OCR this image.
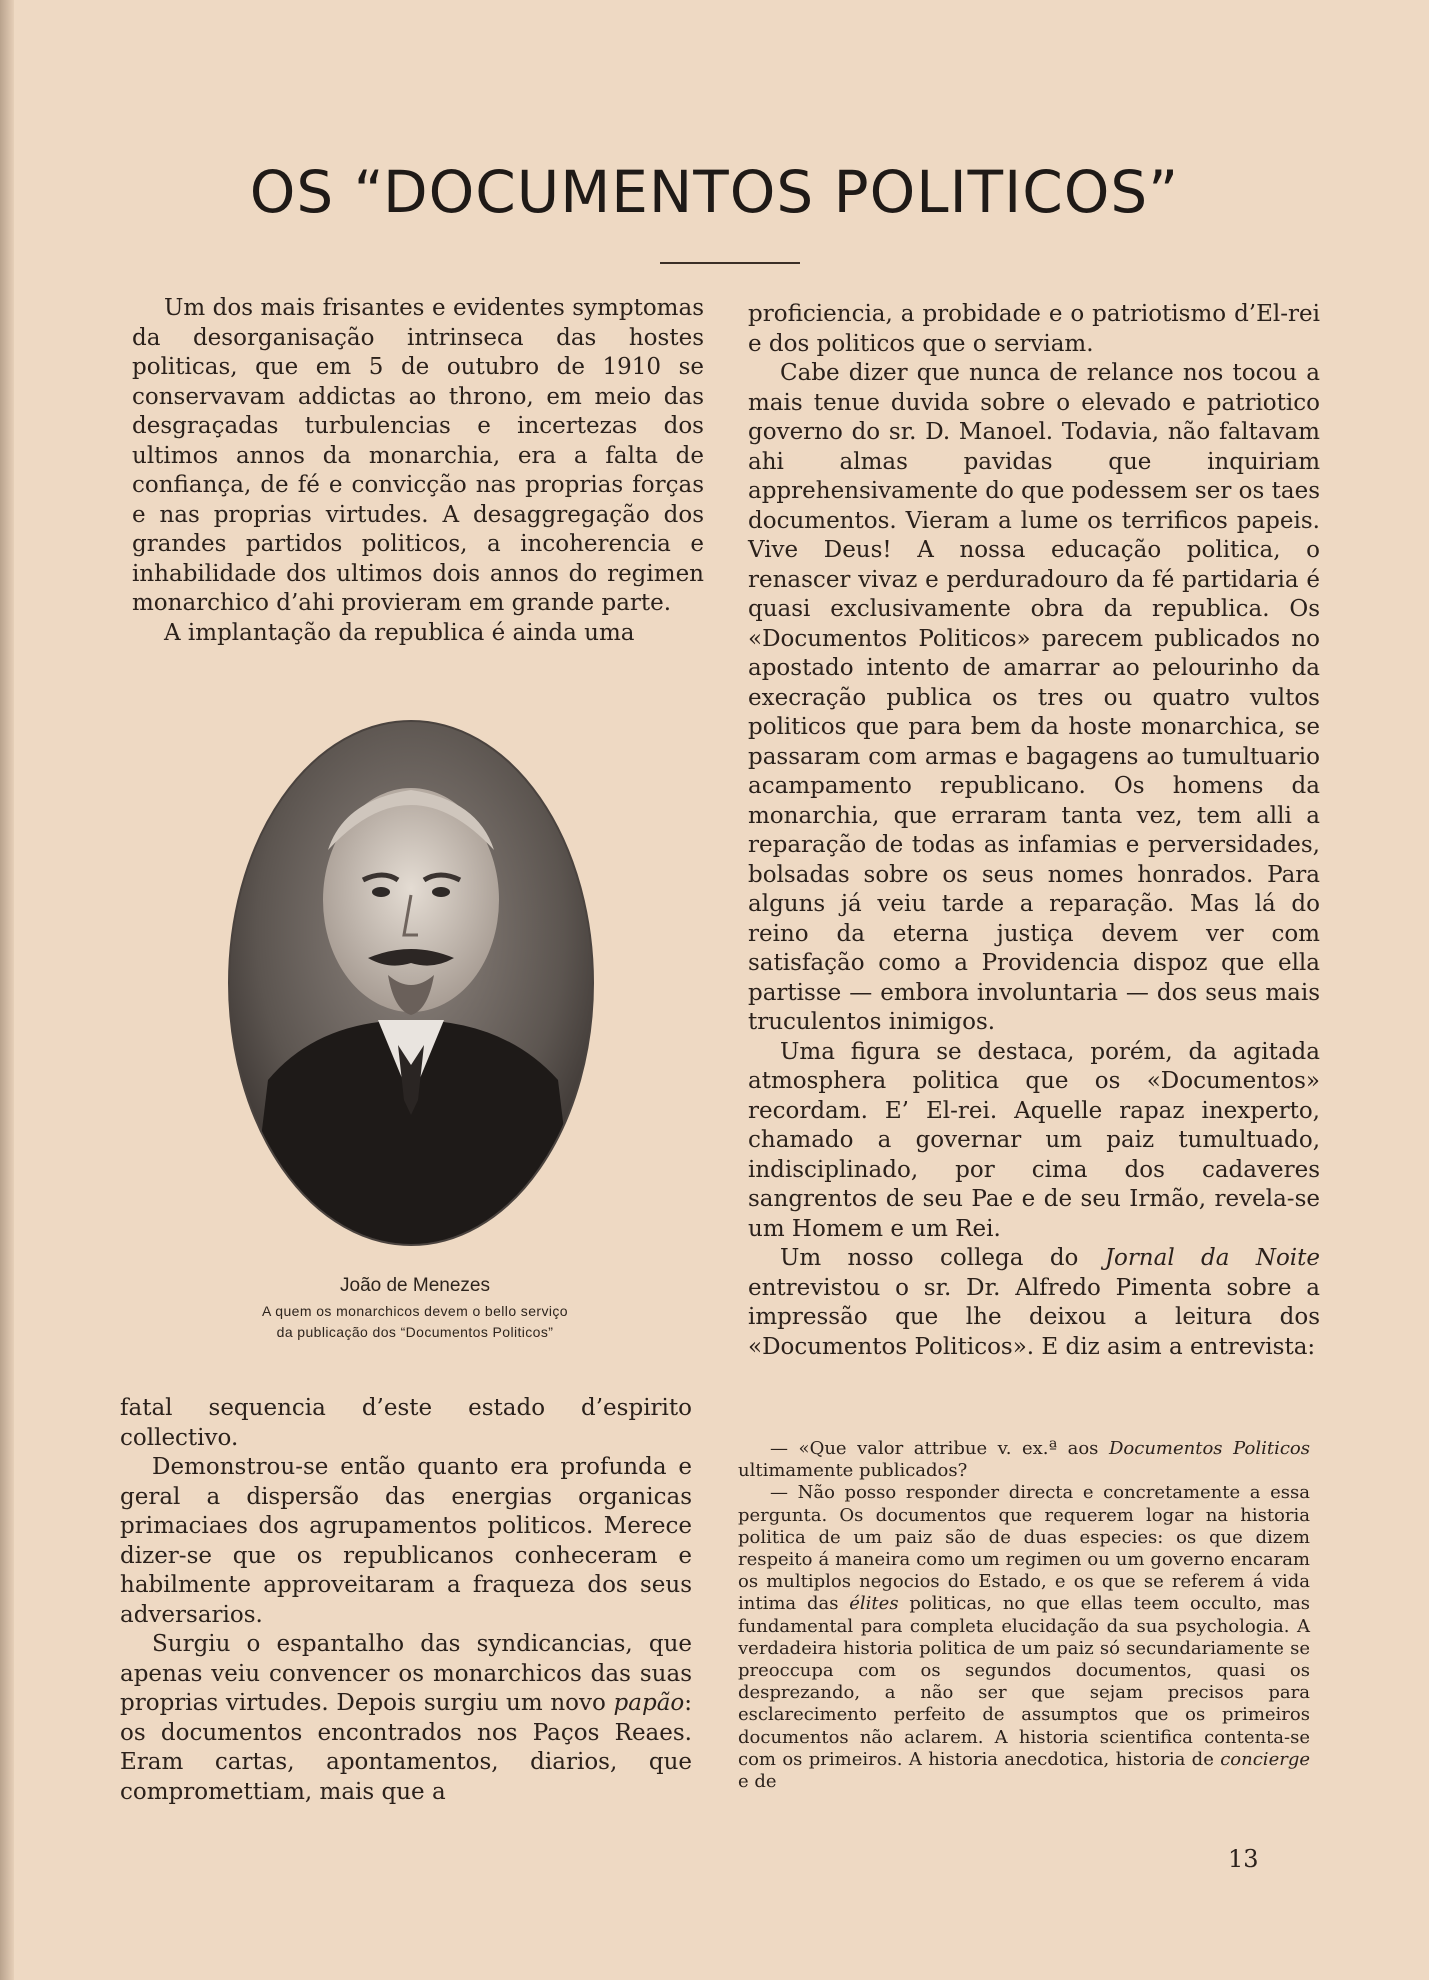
OS “DOCUMENTOS POLITICOS”

Um dos mais frisantes e evidentes symptomas da desorganisação intrinseca das hostes politicas, que em 5 de outubro de 1910 se conservavam addictas ao throno, em meio das desgraçadas turbulencias e incertezas dos ultimos annos da monarchia, era a falta de confiança, de fé e convicção nas proprias forças e nas proprias virtudes. A desaggregação dos grandes partidos politicos, a incoherencia e inhabilidade dos ultimos dois annos do regimen monarchico d’ahi provieram em grande parte.

A implantação da republica é ainda uma

João de Menezes
A quem os monarchicos devem o bello serviço
da publicação dos “Documentos Politicos”

fatal sequencia d’este estado d’espirito collectivo.

Demonstrou-se então quanto era profunda e geral a dispersão das energias organicas primaciaes dos agrupamentos politicos. Merece dizer-se que os republicanos conheceram e habilmente approveitaram a fraqueza dos seus adversarios.

Surgiu o espantalho das syndicancias, que apenas veiu convencer os monarchicos das suas proprias virtudes. Depois surgiu um novo papão: os documentos encontrados nos Paços Reaes. Eram cartas, apontamentos, diarios, que compromettiam, mais que a

proficiencia, a probidade e o patriotismo d’El-rei e dos politicos que o serviam.

Cabe dizer que nunca de relance nos tocou a mais tenue duvida sobre o elevado e patriotico governo do sr. D. Manoel. Todavia, não faltavam ahi almas pavidas que inquiriam apprehensivamente do que podessem ser os taes documentos. Vieram a lume os terrificos papeis. Vive Deus! A nossa educação politica, o renascer vivaz e perduradouro da fé partidaria é quasi exclusivamente obra da republica. Os «Documentos Politicos» parecem publicados no apostado intento de amarrar ao pelourinho da execração publica os tres ou quatro vultos politicos que para bem da hoste monarchica, se passaram com armas e bagagens ao tumultuario acampamento republicano. Os homens da monarchia, que erraram tanta vez, tem alli a reparação de todas as infamias e perversidades, bolsadas sobre os seus nomes honrados. Para alguns já veiu tarde a reparação. Mas lá do reino da eterna justiça devem ver com satisfação como a Providencia dispoz que ella partisse — embora involuntaria — dos seus mais truculentos inimigos.

Uma figura se destaca, porém, da agitada atmosphera politica que os «Documentos» recordam. E’ El-rei. Aquelle rapaz inexperto, chamado a governar um paiz tumultuado, indisciplinado, por cima dos cadaveres sangrentos de seu Pae e de seu Irmão, revela-se um Homem e um Rei.

Um nosso collega do Jornal da Noite entrevistou o sr. Dr. Alfredo Pimenta sobre a impressão que lhe deixou a leitura dos «Documentos Politicos». E diz asim a entrevista:

— «Que valor attribue v. ex.ª aos Documentos Politicos ultimamente publicados?

— Não posso responder directa e concretamente a essa pergunta. Os documentos que requerem logar na historia politica de um paiz são de duas especies: os que dizem respeito á maneira como um regimen ou um governo encaram os multiplos negocios do Estado, e os que se referem á vida intima das élites politicas, no que ellas teem occulto, mas fundamental para completa elucidação da sua psychologia. A verdadeira historia politica de um paiz só secundariamente se preoccupa com os segundos documentos, quasi os desprezando, a não ser que sejam precisos para esclarecimento perfeito de assumptos que os primeiros documentos não aclarem. A historia scientifica contenta-se com os primeiros. A historia anecdotica, historia de concierge e de

13
